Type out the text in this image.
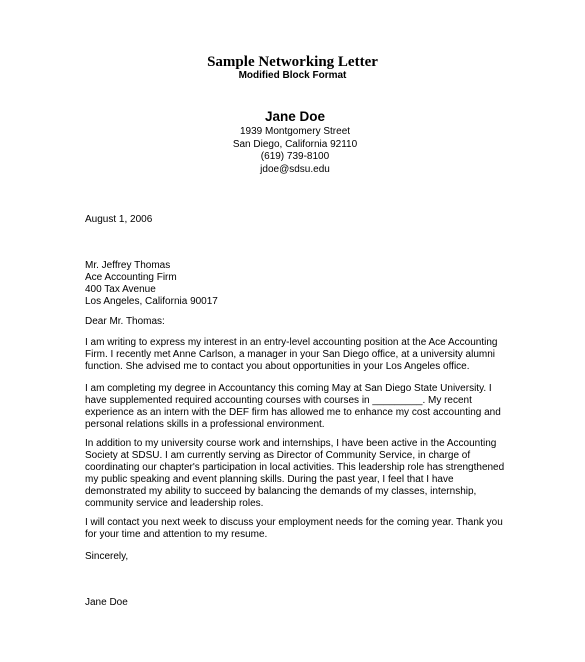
Sample Networking Letter
Modified Block Format
Jane Doe
1939 Montgomery Street
San Diego, California 92110
(619) 739-8100
jdoe@sdsu.edu
August 1, 2006
Mr. Jeffrey Thomas
Ace Accounting Firm
400 Tax Avenue
Los Angeles, California 90017
Dear Mr. Thomas:
I am writing to express my interest in an entry-level accounting position at the Ace Accounting
Firm. I recently met Anne Carlson, a manager in your San Diego office, at a university alumni
function. She advised me to contact you about opportunities in your Los Angeles office.
I am completing my degree in Accountancy this coming May at San Diego State University. I
have supplemented required accounting courses with courses in _________. My recent
experience as an intern with the DEF firm has allowed me to enhance my cost accounting and
personal relations skills in a professional environment.
In addition to my university course work and internships, I have been active in the Accounting
Society at SDSU. I am currently serving as Director of Community Service, in charge of
coordinating our chapter's participation in local activities. This leadership role has strengthened
my public speaking and event planning skills. During the past year, I feel that I have
demonstrated my ability to succeed by balancing the demands of my classes, internship,
community service and leadership roles.
I will contact you next week to discuss your employment needs for the coming year. Thank you
for your time and attention to my resume.
Sincerely,
Jane Doe
